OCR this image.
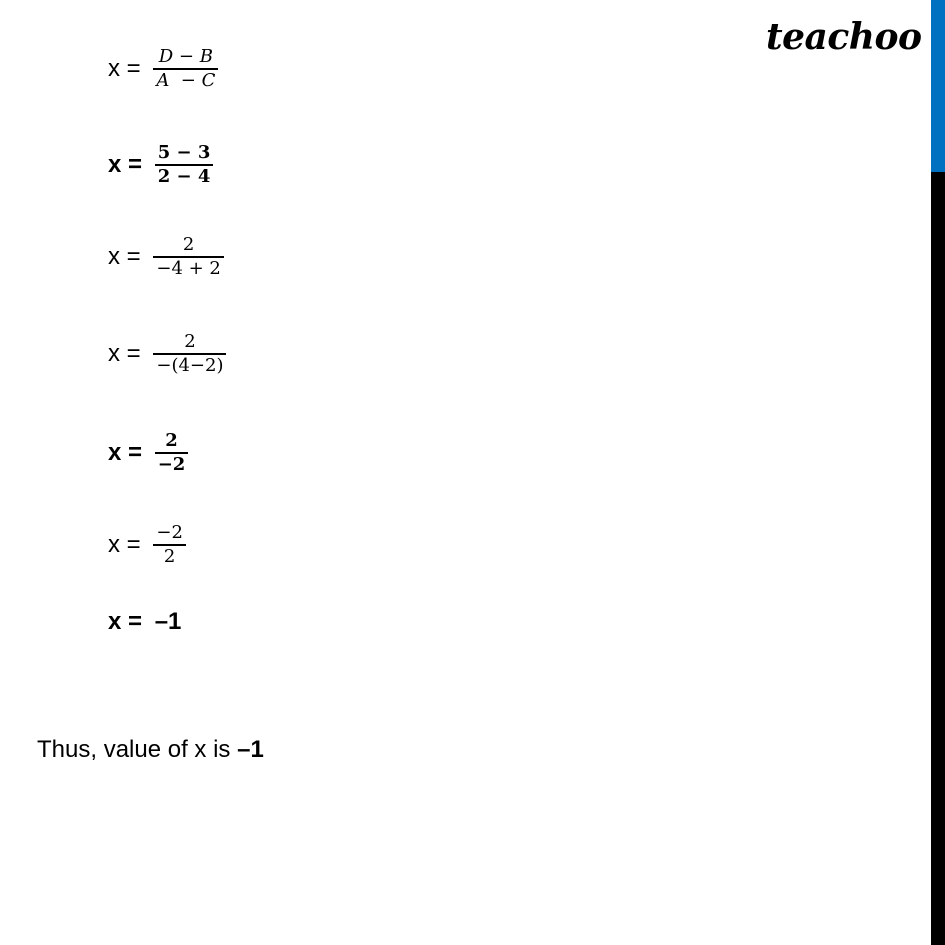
teachoo
$x = \frac{D - B}{A - C}$
$x = \frac{5 - 3}{2 - 4}$
$x = \frac{2}{-4 + 2}$
$x = \frac{2}{-(4-2)}$
$x = \frac{2}{-2}$
$x = \frac{-2}{2}$
x = –1
Thus, value of x is –1
